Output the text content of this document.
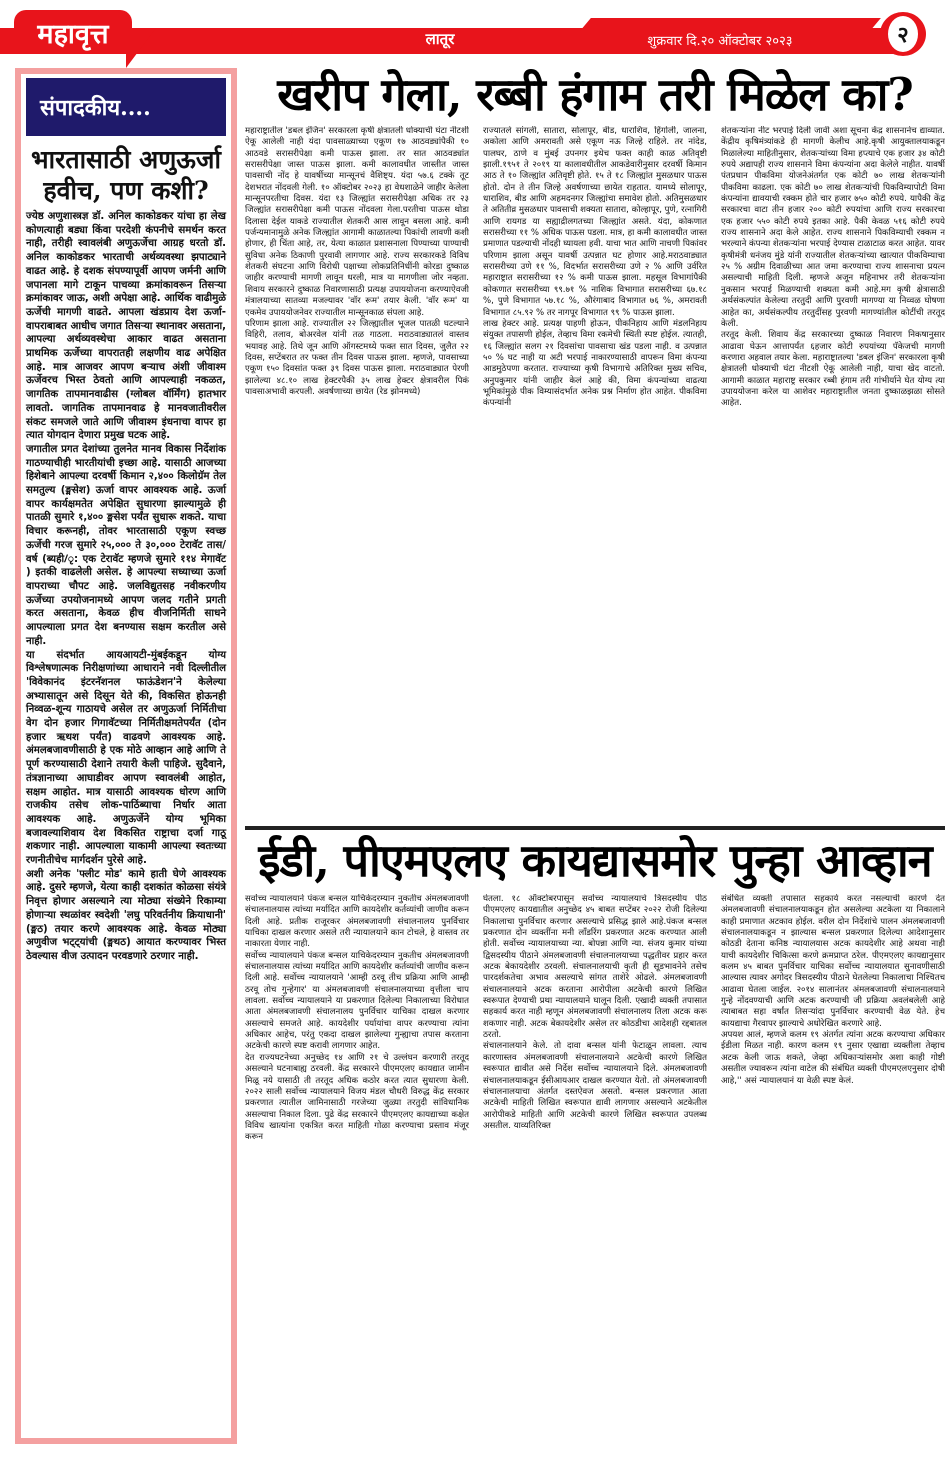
महावृत्त	लातूर	शुक्रवार दि.२० ऑक्टोबर २०२३	२
संपादकीय....
भारतासाठी अणुऊर्जा
हवीच, पण कशी?

ज्येष्ठ अणुशास्त्रज्ञ डॉ. अनिल काकोडकर यांचा हा लेख कोणत्याही बड्या किंवा परदेशी कंपनीचे समर्थन करत नाही, तरीही स्वावलंबी अणुऊर्जेचा आग्रह धरतो डॉ. अनिल काकोडकर भारताची अर्थव्यवस्था झपाट्याने वाढत आहे. हे दशक संपण्यापूर्वी आपण जर्मनी आणि जपानला मागे टाकून पाचव्या क्रमांकावरून तिसऱ्या क्रमांकावर जाऊ, अशी अपेक्षा आहे. आर्थिक वाढीमुळे ऊर्जेची मागणी वाढते. आपला खंडप्राय देश ऊर्जा-वापराबाबत आधीच जगात तिसऱ्या स्थानावर असताना, आपल्या अर्थव्यवस्थेचा आकार वाढत असताना प्राथमिक ऊर्जेच्या वापरातही लक्षणीय वाढ अपेक्षित आहे. मात्र आजवर आपण बऱ्याच अंशी जीवाश्म ऊर्जेवरच भिस्त ठेवतो आणि आपल्याही नकळत, जागतिक तापमानवाढीस (ग्लोबल वॉर्मिंग) हातभार लावतो. जागतिक तापमानवाढ हे मानवजातीवरील संकट समजले जाते आणि जीवाश्म इंधनाचा वापर हा त्यात योगदान देणारा प्रमुख घटक आहे.

जगातील प्रगत देशांच्या तुलनेत मानव विकास निर्देशांक गाठण्याचीही भारतीयांची इच्छा आहे. यासाठी आजच्या हिशेबाने आपल्या दरवर्षी किमान २,४०० किलोग्रॅम तेल समतुल्य (ङ्मसेश) ऊर्जा वापर आवश्यक आहे. ऊर्जा वापर कार्यक्षमतेत अपेक्षित सुधारणा झाल्यामुळे ही पातळी सुमारे १,४०० ङ्मसेश पर्यंत सुधारू शकते. याचा विचार करूनही, तोवर भारतासाठी एकूण स्वच्छ ऊर्जेची गरज सुमारे २५,००० ते ३०,००० टेरावॅट तास/वर्ष (ब्यही/ृ: एक टेरावॅट म्हणजे सुमारे ११४ मेगावॅट ) इतकी वाढलेली असेल. हे आपल्या सध्याच्या ऊर्जा वापराच्या चौपट आहे. जलविद्युतसह नवीकरणीय ऊर्जेच्या उपयोजनामध्ये आपण जलद गतीने प्रगती करत असताना, केवळ हीच वीजनिर्मिती साधने आपल्याला प्रगत देश बनण्यास सक्षम करतील असे नाही.

या संदर्भात आयआयटी-मुंबईकडून योग्य विश्लेषणात्मक निरीक्षणांच्या आधाराने नवी दिल्लीतील 'विवेकानंद इंटरनॅशनल फाऊंडेशन'ने केलेल्या अभ्यासातून असे दिसून येते की, विकसित होऊनही निव्वळ-शून्य गाठायचे असेल तर अणुऊर्जा निर्मितीचा वेग दोन हजार गिगावॅटच्या निर्मितीक्षमतेपर्यंत (दोन हजार ऋथश पर्यंत) वाढवणे आवश्यक आहे. अंमलबजावणीसाठी हे एक मोठे आव्हान आहे आणि ते पूर्ण करण्यासाठी देशाने तयारी केली पाहिजे. सुदैवाने, तंत्रज्ञानाच्या आघाडीवर आपण स्वावलंबी आहोत, सक्षम आहोत. मात्र यासाठी आवश्यक धोरण आणि राजकीय तसेच लोक-पाठिंब्याचा निर्धार आता आवश्यक आहे. अणुऊर्जेने योग्य भूमिका बजावल्याशिवाय देश विकसित राष्ट्राचा दर्जा गाठू शकणार नाही. आपल्याला याकामी आपल्या स्वतःच्या रणनीतीचेच मार्गदर्शन पुरेसे आहे.

अशी अनेक 'फ्लीट मोड' कामे हाती घेणे आवश्यक आहे. दुसरे म्हणजे, येत्या काही दशकांत कोळसा संयंत्रे निवृत्त होणार असल्याने त्या मोठ्या संख्येने रिकाम्या होणाऱ्या स्थळांवर स्वदेशी 'लघु परिवर्तनीय क्रियाधानी' (ङ्मठ) तयार करणे आवश्यक आहे. केवळ मोठ्या अणुवीज भट्ट्यांची (ङ्मथठ) आयात करण्यावर भिस्त ठेवल्यास वीज उत्पादन परवडणारे ठरणार नाही.

खरीप गेला, रब्बी हंगाम तरी मिळेल का?

महाराष्ट्रातील 'डबल इंजिन' सरकारला कृषी क्षेत्रातली धोक्याची घंटा नीटशी ऐकू आलेली नाही यंदा पावसाळ्याच्या एकूण १७ आठवड्यांपैकी १० आठवडे सरासरीपेक्षा कमी पाऊस झाला. तर सात आठवड्यांत सरासरीपेक्षा जास्त पाऊस झाला. कमी कालावधीत जास्तीत जास्त पावसाची नोंद हे यावर्षीच्या मान्सूनचं वैशिष्ट्य. यंदा ५७.६ टक्के तूट देशभरात नोंदवली गेली. १० ऑक्टोबर २०२३ हा वेधशाळेने जाहीर केलेला मान्सूनपरतीचा दिवस. यंदा १३ जिल्ह्यांत सरासरीपेक्षा अधिक तर २३ जिल्ह्यांत सरासरीपेक्षा कमी पाऊस नोंदवला गेला.परतीचा पाऊस थोडा दिलासा देईल याकडे राज्यातील शेतकरी आस लावून बसला आहे. कमी पर्जन्यमानामुळे अनेक जिल्ह्यांत आगामी काळातल्या पिकांची लावणी कशी होणार, ही चिंता आहे, तर, येत्या काळात प्रशासनाला पिण्याच्या पाण्याची सुविधा अनेक ठिकाणी पुरवावी लागणार आहे. राज्य सरकारकडे विविध शेतकरी संघटना आणि विरोधी पक्षाच्या लोकप्रतिनिधींनी कोरडा दुष्काळ जाहीर करण्याची मागणी लावून धरली, मात्र या मागणीला जोर नव्हता. शिवाय सरकारने दुष्काळ निवारणासाठी प्रत्यक्ष उपाययोजना करण्याऐवजी मंत्रालयाच्या सातव्या मजल्यावर 'वॉर रूम' तयार केली. 'वॉर रूम' या एकमेव उपाययोजनेवर राज्यातील मान्सूनकाळ संपला आहे.

परिणाम झाला आहे. राज्यातील २२ जिल्ह्यातील भूजल पातळी घटल्याने विहिरी, तलाव, बोअरवेल यांनी तळ गाठला. मराठवाड्यातलं वास्तव भयावह आहे. तिथे जून आणि ऑगस्टमध्ये फक्त सात दिवस, जुलैत २२ दिवस, सप्टेंबरात तर फक्त तीन दिवस पाऊस झाला. म्हणजे, पावसाच्या एकूण १५० दिवसांत फक्त ३९ दिवस पाऊस झाला. मराठवाड्यात पेरणी झालेल्या ४८.१० लाख हेक्टरपैकी ३५ लाख हेक्टर क्षेत्रावरील पिकं पावसाअभावी करपली. अवर्षणाच्या छायेत (रेड झोनमध्ये)

राज्यातले सांगली, सातारा, सोलापूर, बीड, धाराशिव, हिंगोली, जालना, अकोला आणि अमरावती असे एकूण नऊ जिल्हे राहिले. तर नांदेड, पालघर, ठाणे व मुंबई उपनगर इथेच फक्त काही काळ अतिवृष्टी झाली.१९५१ ते २०१९ या कालावधीतील आकडेवारीनुसार दरवर्षी किमान आठ ते १० जिल्ह्यांत अतिवृष्टी होते. १५ ते १८ जिल्ह्यांत मुसळधार पाऊस होतो. दोन ते तीन जिल्हे अवर्षणाच्या छायेत राहतात. यामध्ये सोलापूर, धाराशिव, बीड आणि अहमदनगर जिल्ह्यांचा समावेश होतो. अतिमुसळधार ते अतितीव्र मुसळधार पावसाची शक्यता सातारा, कोल्हापूर, पुणे, रत्नागिरी आणि रायगड या सह्याद्रीलगतच्या जिल्ह्यांत असते. यंदा, कोकणात सरासरीच्या ११ % अधिक पाऊस पडला. मात्र, हा कमी कालावधीत जास्त प्रमाणात पडल्याची नोंदही घ्यायला हवी. याचा भात आणि नाचणी पिकांवर परिणाम झाला असून यावर्षी उत्पन्नात घट होणार आहे.मराठवाड्यात सरासरीच्या उणे ११ %, विदर्भात सरासरीच्या उणे २ % आणि उर्वरित महाराष्ट्रात सरासरीच्या १२ % कमी पाऊस झाला. महसूल विभागांपैकी कोकणात सरासरीच्या ९९.७१ % नाशिक विभागात सरासरीच्या ६७.१८ %, पुणे विभागात ५७.१८ %, औरंगाबाद विभागात ७६ %, अमरावती विभागात ८५.९२ % तर नागपूर विभागात ९९ % पाऊस झाला.

लाख हेक्टर आहे. प्रत्यक्ष पाहणी होऊन, पीकनिहाय आणि मंडलनिहाय संयुक्त तपासणी होईल, तेव्हाच विमा रकमेची स्थिती स्पष्ट होईल. त्यातही, १६ जिल्ह्यांत सलग २१ दिवसांचा पावसाचा खंड पडला नाही. व उत्पन्नात ५० % घट नाही या अटी भरपाई नाकारण्यासाठी वापरून विमा कंपन्या आडमुठेपणा करतात. राज्याच्या कृषी विभागाचे अतिरिक्त मुख्य सचिव, अनुपकुमार यांनी जाहीर केलं आहे की, विमा कंपन्यांच्या वाढत्या भूमिकांमुळे पीक विम्यासंदर्भात अनेक प्रश्न निर्माण होत आहेत. पीकविमा कंपन्यांनी

शेतकऱ्यांना नीट भरपाई दिली जावी अशा सूचना केंद्र शासनानेच द्याव्यात. केंद्रीय कृषिमंत्र्यांकडे ही मागणी केलीच आहे.कृषी आयुक्तालयाकडून मिळालेल्या माहितीनुसार, शेतकऱ्यांच्या विमा हप्त्याचे एक हजार ३४ कोटी रुपये अद्यापही राज्य शासनाने विमा कंपन्यांना अदा केलेले नाहीत. यावर्षी पंतप्रधान पीकविमा योजनेअंतर्गत एक कोटी ७० लाख शेतकऱ्यांनी पीकविमा काढला. एक कोटी ७० लाख शेतकऱ्यांची पिकविम्यापोटी विमा कंपन्यांना द्यावयाची रक्कम होते चार हजार ७५० कोटी रुपये. यापैकी केंद्र सरकारचा वाटा तीन हजार २०० कोटी रुपयांचा आणि राज्य सरकारचा एक हजार ५५० कोटी रुपये इतका आहे. पैकी केवळ ५१६ कोटी रुपये राज्य शासनाने अदा केले आहेत. राज्य शासनाने पिकविम्याची रक्कम न भरल्याने कंपन्या शेतकऱ्यांना भरपाई देण्यास टाळाटाळ करत आहेत. यावर कृषीमंत्री धनंजय मुंडे यांनी राज्यातील शेतकऱ्यांच्या खात्यात पीकविम्याचा २५ % अग्रीम दिवाळीच्या आत जमा करण्याचा राज्य शासनाचा प्रयत्न असल्याची माहिती दिली. म्हणजे अजून महिनाभर तरी शेतकऱ्यांना नुकसान भरपाई मिळण्याची शक्यता कमी आहे.मग कृषी क्षेत्रासाठी अर्थसंकल्पांत केलेल्या तरतुदी आणि पुरवणी मागण्या या निव्वळ घोषणा आहेत का, अर्थसंकल्पीय तरतुदींसह पुरवणी मागण्यांतील कोटींची तरतूद केली.

तरतूद केली. शिवाय केंद्र सरकारच्या दुष्काळ निवारण निकषानुसार आढावा घेऊन आत्तापर्यंत ६हजार कोटी रुपयांच्या पॅकेजची मागणी करणारा अहवाल तयार केला. महाराष्ट्रातल्या 'डबल इंजिन' सरकारला कृषी क्षेत्रातली धोक्याची घंटा नीटशी ऐकू आलेली नाही, याचा खेद वाटतो. आगामी काळात महाराष्ट्र सरकार रब्बी हंगाम तरी गांभीर्याने घेत योग्य त्या उपाययोजना करेल या आशेवर महाराष्ट्रातील जनता दुष्काळझळा सोसते आहेत.

ईडी, पीएमएलए कायद्यासमोर पुन्हा आव्हान

सर्वोच्च न्यायालयाने पंकज बन्सल याचिकेदरम्यान नुकतीच अंमलबजावणी संचालनालयास त्यांच्या मर्यादित आणि कायदेशीर कर्तव्यांची जाणीव करून दिली आहे. प्रतीक राजूरकर अंमलबजावणी संचालनालय पुनर्विचार याचिका दाखल करणार असले तरी न्यायालयाने कान टोचले, हे वास्तव तर नाकारता येणार नाही.

सर्वोच्च न्यायालयाने पंकज बन्सल याचिकेदरम्यान नुकतीच अंमलबजावणी संचालनालयास त्यांच्या मर्यादित आणि कायदेशीर कर्तव्यांची जाणीव करून दिली आहे. सर्वोच्च न्यायालयाने 'आम्ही ठरवू तीच प्रक्रिया आणि आम्ही ठरवू तोच गुन्हेगार' या अंमलबजावणी संचालनालयाच्या वृत्तीला चाप लावला. सर्वोच्च न्यायालयाने या प्रकरणात दिलेल्या निकालाच्या विरोधात आता अंमलबजावणी संचालनालय पुनर्विचार याचिका दाखल करणार असल्याचे समजते आहे. कायदेशीर पर्यायांचा वापर करण्याचा त्यांना अधिकार आहेच, परंतु एकदा दाखल झालेल्या गुन्ह्याचा तपास करताना अटकेची कारणे स्पष्ट करावी लागणार आहेत.

देत राज्यघटनेच्या अनुच्छेद १४ आणि २१ चे उल्लंघन करणारी तरतूद असल्याने घटनाबाह्य ठरवली. केंद्र सरकारने पीएमएलए कायद्यात जामीन मिळू नये यासाठी ती तरतूद अधिक कठोर करत त्यात सुधारणा केली. २०२२ साली सर्वोच्च न्यायालयाने विजय मंडल चौधरी विरुद्ध केंद्र सरकार प्रकरणात त्यातील जामिनासाठी गरजेच्या जुळ्या तरतुदी सांविधानिक असल्याचा निकाल दिला. पुढे केंद्र सरकारने पीएमएलए कायद्याच्या कक्षेत विविध खात्यांना एकत्रित करत माहिती गोळा करण्याचा प्रस्ताव मंजूर करून

घेतला. १८ ऑक्टोबरपासून सर्वोच्च न्यायालयाचे त्रिसदस्यीय पीठ पीएमएलए कायद्यातील अनुच्छेद ४५ बाबत सप्टेंबर २०२२ रोजी दिलेल्या निकालाचा पुनर्विचार करणार असल्याचे प्रसिद्ध झाले आहे.पंकज बन्सल प्रकरणात दोन व्यक्तींना मनी लॉंडरिंग प्रकरणात अटक करण्यात आली होती. सर्वोच्च न्यायालयाच्या न्या. बोपन्ना आणि न्या. संजय कुमार यांच्या द्विसदस्यीय पीठाने अंमलबजावणी संचालनालयाच्या पद्धतीवर प्रहार करत अटक बेकायदेशीर ठरवली. संचालनालयाची कृती ही सूडभावनेने तसेच पारदर्शकतेचा अभाव असल्याचे सांगत ताशेरे ओढले. अंमलबजावणी संचालनालयाने अटक करताना आरोपीला अटकेची कारणे लिखित स्वरूपात देण्याची प्रथा न्यायालयाने घालून दिली. एखादी व्यक्ती तपासात सहकार्य करत नाही म्हणून अंमलबजावणी संचालनालय तिला अटक करू शकणार नाही. अटक बेकायदेशीर असेल तर कोठडीचा आदेशही रद्दबातल ठरतो.

संचालनालयाने केले. तो दावा बन्सल यांनी फेटाळून लावला. त्याच कारणास्तव अंमलबजावणी संचालनालयाने अटकेची कारणे लिखित स्वरूपात द्यावीत असे निर्देश सर्वोच्च न्यायालयाने दिले. अंमलबजावणी संचालनालयाकडून ईसीआयआर दाखल करण्यात येतो. तो अंमलबजावणी संचालनालयाचा अंतर्गत दस्तऐवज असतो. बन्सल प्रकरणात आता अटकेची माहिती लिखित स्वरूपात द्यावी लागणार असल्याने अटकेतील आरोपीकडे माहिती आणि अटकेची कारणे लिखित स्वरूपात उपलब्ध असतील. याव्यतिरिक्त

संबंधित व्यक्ती तपासात सहकार्य करत नसल्याची कारणे देत अंमलबजावणी संचालनालयाकडून होत असलेल्या अटकेला या निकालाने काही प्रमाणात अटकाव होईल. वरील दोन निर्देशांचे पालन अंमलबजावणी संचालनालयाकडून न झाल्यास बन्सल प्रकरणात दिलेल्या आदेशानुसार कोठडी देताना कनिष्ठ न्यायालयास अटक कायदेशीर आहे अथवा नाही याची कायदेशीर चिकित्सा करणे क्रमप्राप्त ठरेल. पीएमएलए कायद्यानुसार कलम ४५ बाबत पुनर्विचार याचिका सर्वोच्च न्यायालयात सुनावणीसाठी आल्यास त्यावर अगोदर त्रिसदस्यीय पीठाने घेतलेल्या निकालाचा निश्चितच आढावा घेतला जाईल. २०१४ सालानंतर अंमलबजावणी संचालनालयाने गुन्हे नोंदवण्याची आणि अटक करण्याची जी प्रक्रिया अवलंबलेली आहे त्याबाबत सहा वर्षांत तिसऱ्यांदा पुनर्विचार करण्याची वेळ येते. हेच कायद्याचा गैरवापर झाल्याचे अधोरेखित करणारे आहे.

अपयश आलं, म्हणजे कलम १९ अंतर्गत त्यांना अटक करण्याचा अधिकार ईडीला मिळत नाही. कारण कलम १९ नुसार एखाद्या व्यक्तीला तेव्हाच अटक केली जाऊ शकते, जेव्हा अधिकाऱ्यांसमोर अशा काही गोष्टी असतील ज्यावरून त्यांना वाटेल की संबंधित व्यक्ती पीएमएलएनुसार दोषी आहे,'' असं न्यायालयानं या वेळी स्पष्ट केलं.
